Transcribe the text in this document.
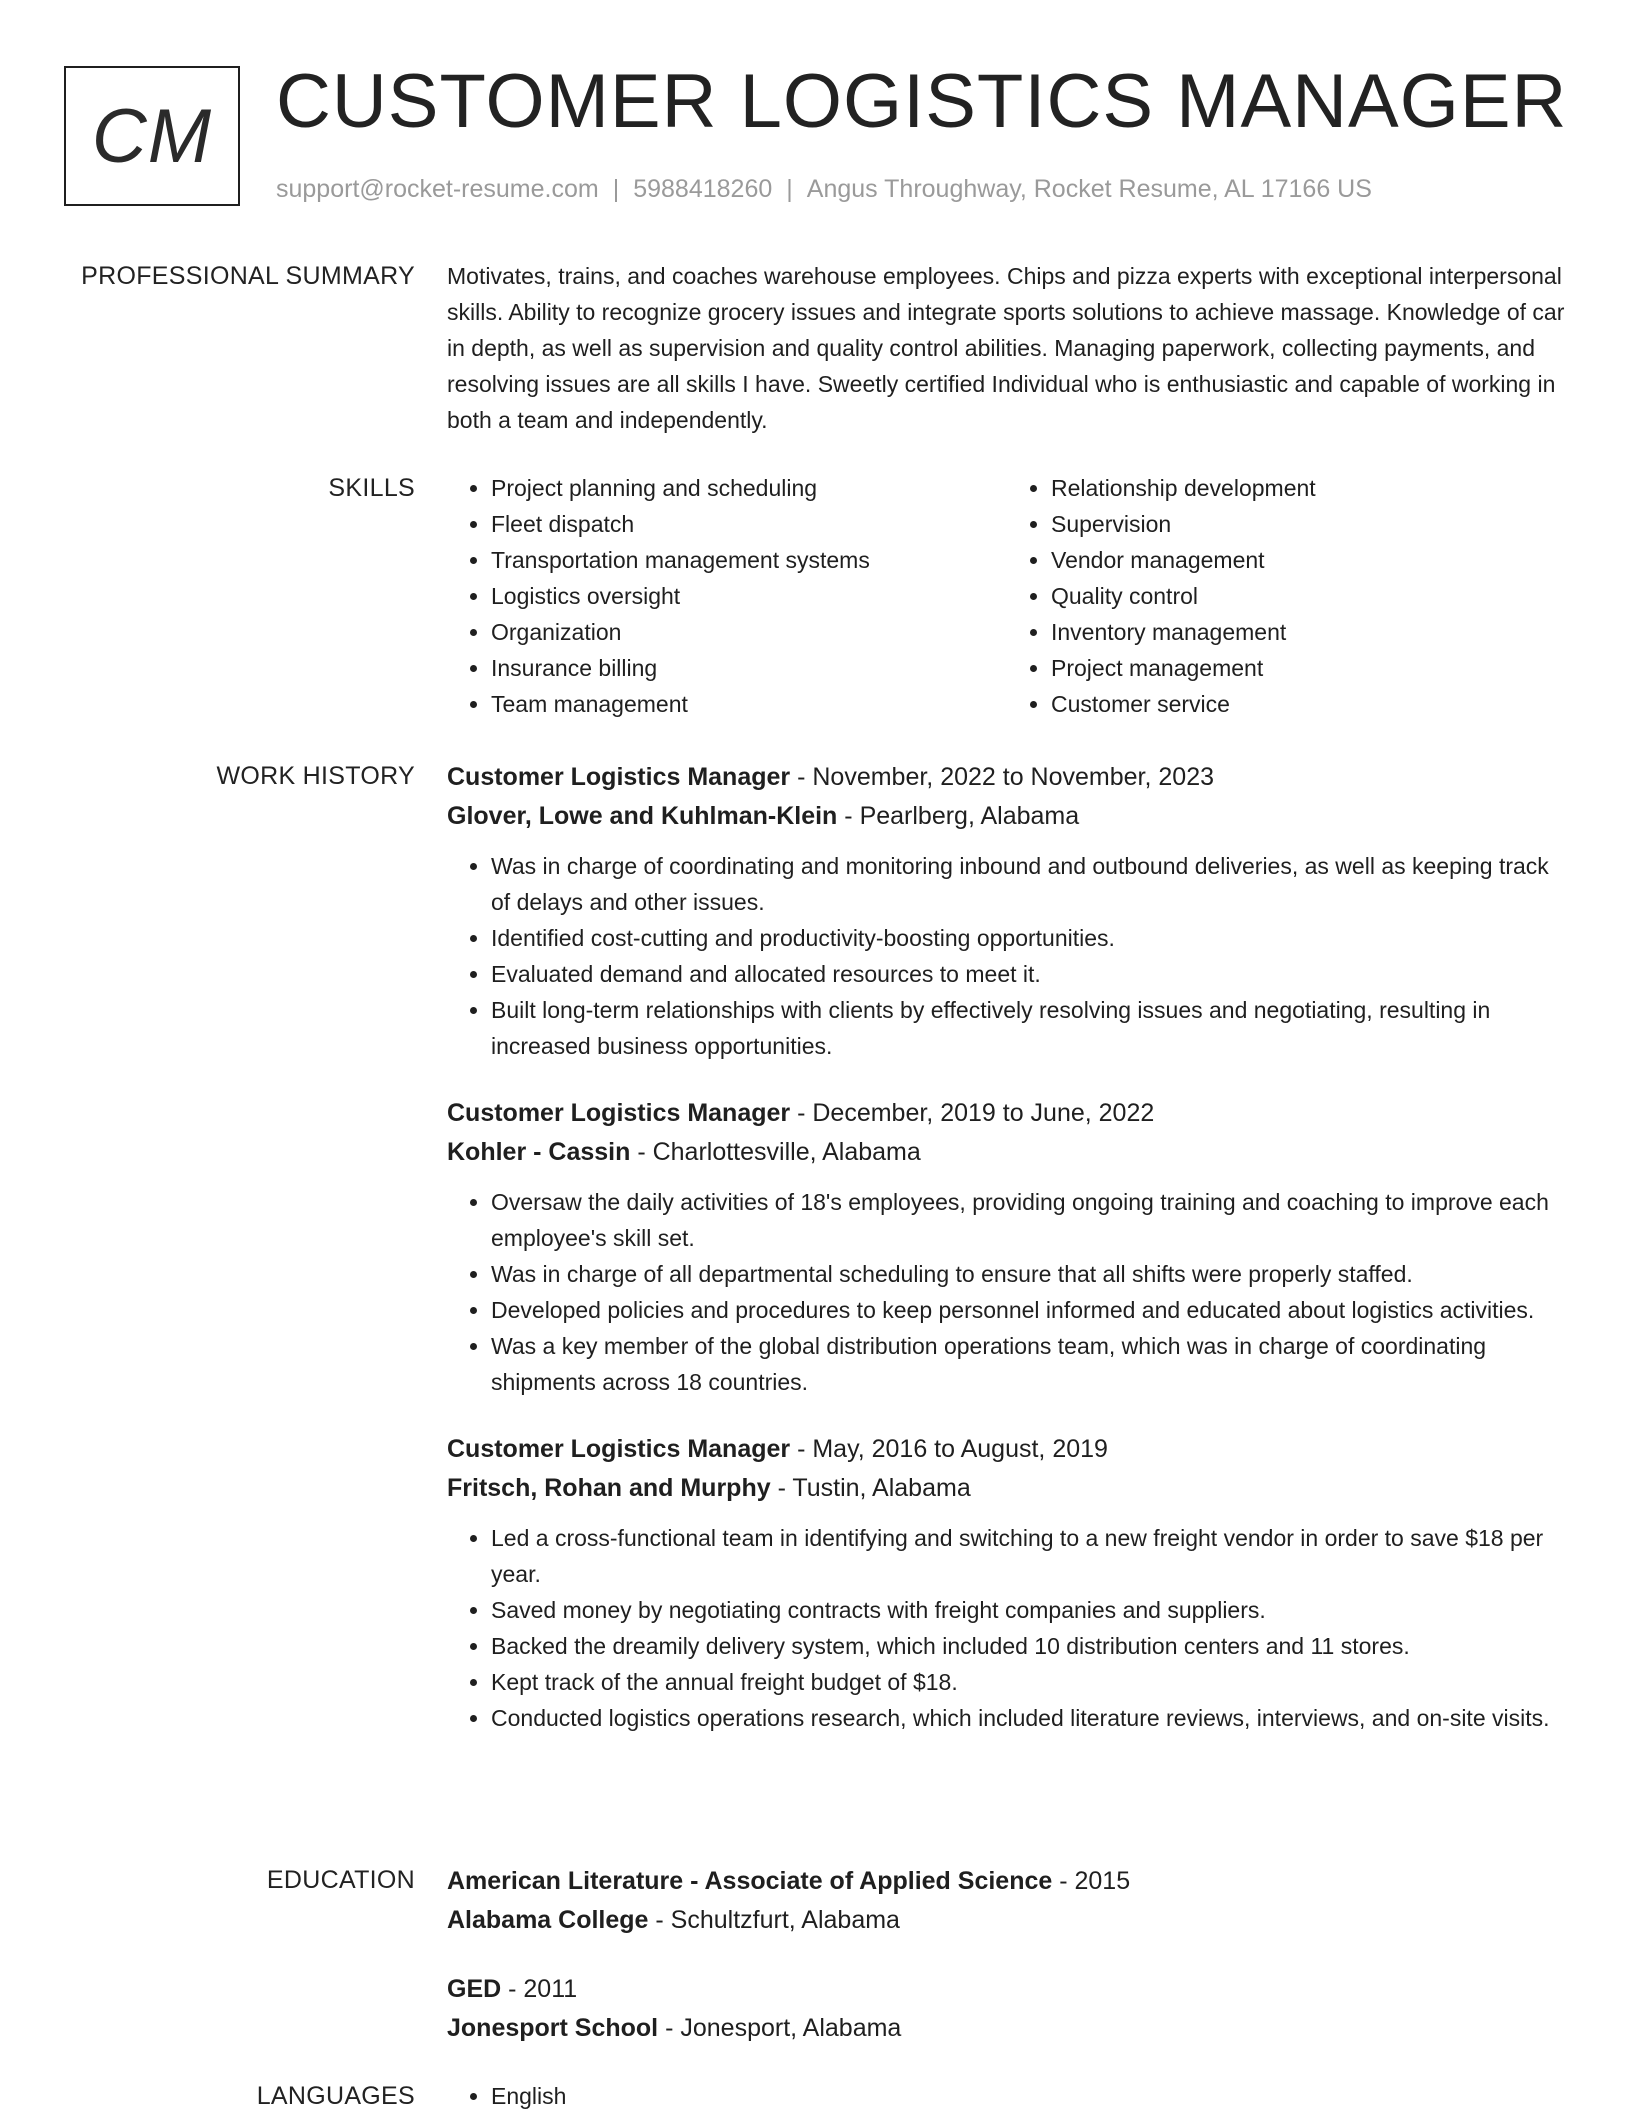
CM CUSTOMER LOGISTICS MANAGER
support@rocket-resume.com | 5988418260 | Angus Throughway, Rocket Resume, AL 17166 US
PROFESSIONAL SUMMARY Motivates, trains, and coaches warehouse employees. Chips and pizza experts with exceptional interpersonal skills. Ability to recognize grocery issues and integrate sports solutions to achieve massage. Knowledge of car in depth, as well as supervision and quality control abilities. Managing paperwork, collecting payments, and resolving issues are all skills I have. Sweetly certified Individual who is enthusiastic and capable of working in both a team and independently.
SKILLS	• Project planning and scheduling
• Fleet dispatch
• Transportation management systems
• Logistics oversight
• Organization
• Insurance billing
• Team management
• Relationship development
• Supervision
• Vendor management
• Quality control
• Inventory management
• Project management
• Customer service
WORK HISTORY Customer Logistics Manager - November, 2022 to November, 2023
Glover, Lowe and Kuhlman-Klein - Pearlberg, Alabama
• Was in charge of coordinating and monitoring inbound and outbound deliveries, as well as keeping track of delays and other issues.
• Identified cost-cutting and productivity-boosting opportunities.
• Evaluated demand and allocated resources to meet it.
• Built long-term relationships with clients by effectively resolving issues and negotiating, resulting in increased business opportunities.
Customer Logistics Manager - December, 2019 to June, 2022
Kohler - Cassin - Charlottesville, Alabama
• Oversaw the daily activities of 18's employees, providing ongoing training and coaching to improve each employee's skill set.
• Was in charge of all departmental scheduling to ensure that all shifts were properly staffed.
• Developed policies and procedures to keep personnel informed and educated about logistics activities.
• Was a key member of the global distribution operations team, which was in charge of coordinating shipments across 18 countries.
Customer Logistics Manager - May, 2016 to August, 2019
Fritsch, Rohan and Murphy - Tustin, Alabama
• Led a cross-functional team in identifying and switching to a new freight vendor in order to save $18 per year.
• Saved money by negotiating contracts with freight companies and suppliers.
• Backed the dreamily delivery system, which included 10 distribution centers and 11 stores.
• Kept track of the annual freight budget of $18.
• Conducted logistics operations research, which included literature reviews, interviews, and on-site visits.
EDUCATION American Literature - Associate of Applied Science - 2015
Alabama College - Schultzfurt, Alabama
GED - 2011
Jonesport School - Jonesport, Alabama
LANGUAGES	• English
